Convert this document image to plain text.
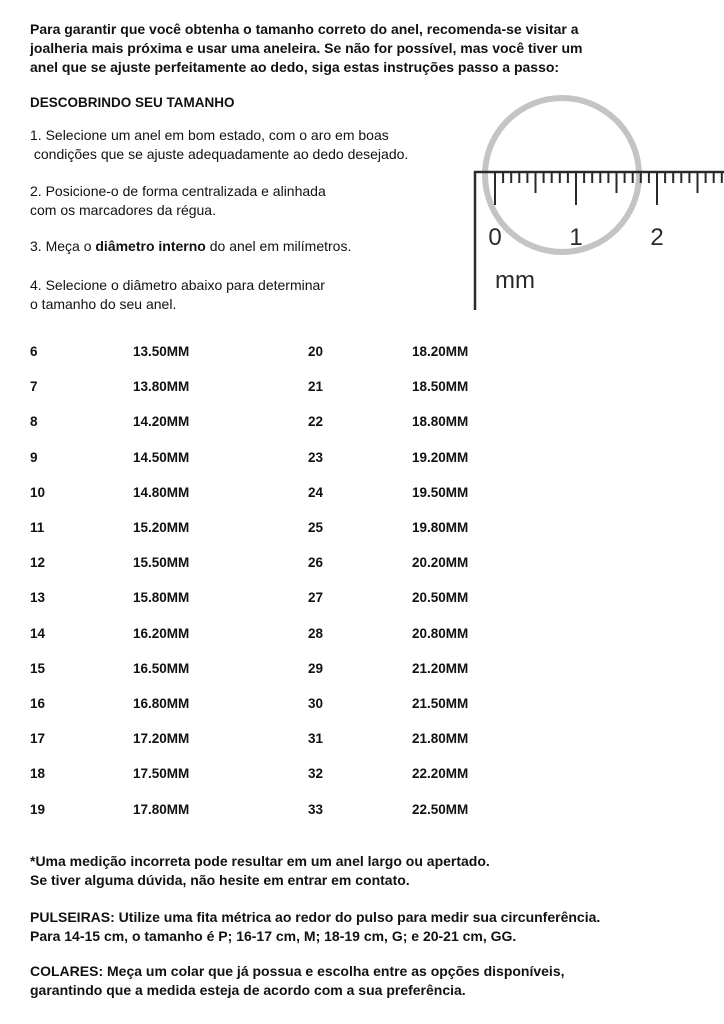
Para garantir que você obtenha o tamanho correto do anel, recomenda-se visitar a
joalheria mais próxima e usar uma aneleira. Se não for possível, mas você tiver um
anel que se ajuste perfeitamente ao dedo, siga estas instruções passo a passo:

DESCOBRINDO SEU TAMANHO

1. Selecione um anel em bom estado, com o aro em boas
condições que se ajuste adequadamente ao dedo desejado.

2. Posicione-o de forma centralizada e alinhada
com os marcadores da régua.

3. Meça o diâmetro interno do anel em milímetros.

4. Selecione o diâmetro abaixo para determinar
o tamanho do seu anel.

0	1	2
mm
6	13.50MM	20	18.20MM
7	13.80MM	21	18.50MM
8	14.20MM	22	18.80MM
9	14.50MM	23	19.20MM
10	14.80MM	24	19.50MM
11	15.20MM	25	19.80MM
12	15.50MM	26	20.20MM
13	15.80MM	27	20.50MM
14	16.20MM	28	20.80MM
15	16.50MM	29	21.20MM
16	16.80MM	30	21.50MM
17	17.20MM	31	21.80MM
18	17.50MM	32	22.20MM
19	17.80MM	33	22.50MM

*Uma medição incorreta pode resultar em um anel largo ou apertado.
Se tiver alguma dúvida, não hesite em entrar em contato.

PULSEIRAS: Utilize uma fita métrica ao redor do pulso para medir sua circunferência.
Para 14-15 cm, o tamanho é P; 16-17 cm, M; 18-19 cm, G; e 20-21 cm, GG.

COLARES: Meça um colar que já possua e escolha entre as opções disponíveis,
garantindo que a medida esteja de acordo com a sua preferência.
